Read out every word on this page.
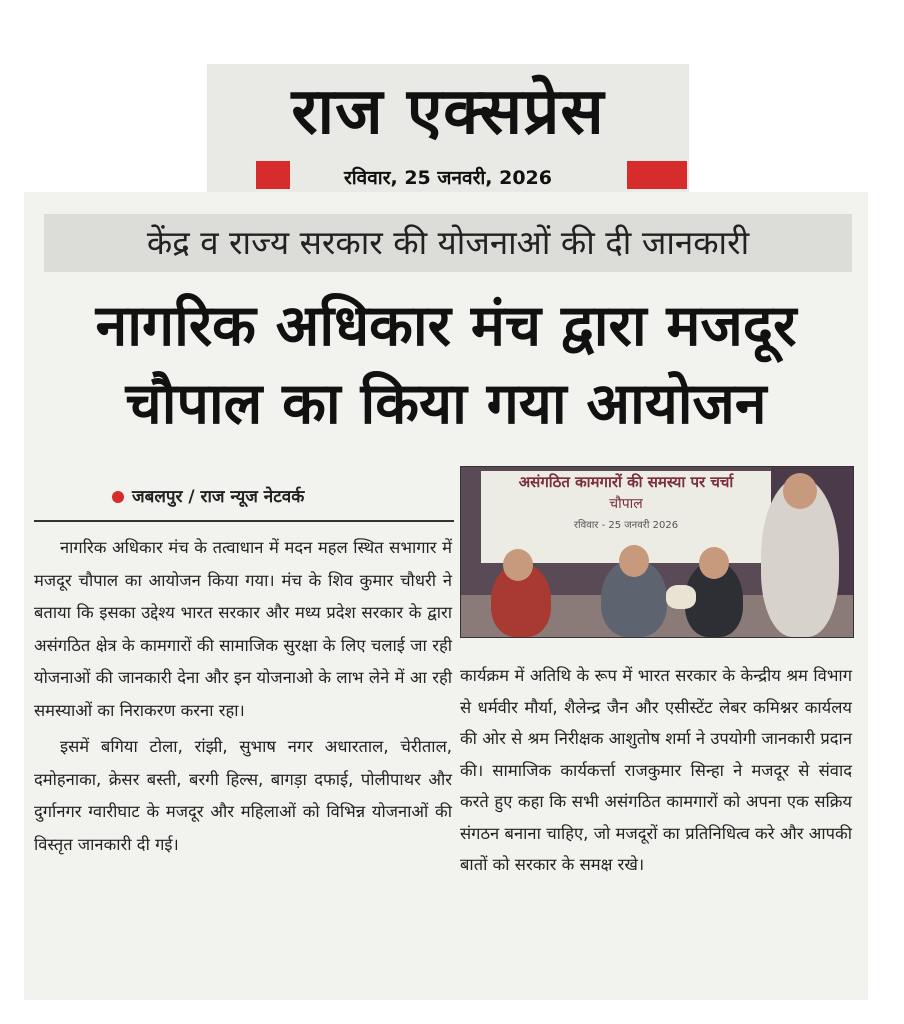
राज एक्सप्रेस
रविवार, 25 जनवरी, 2026
केंद्र व राज्य सरकार की योजनाओं की दी जानकारी
नागरिक अधिकार मंच द्वारा मजदूर
चौपाल का किया गया आयोजन
जबलपुर / राज न्यूज नेटवर्क

नागरिक अधिकार मंच के तत्वाधान में मदन महल स्थित सभागार में मजदूर चौपाल का आयोजन किया गया। मंच के शिव कुमार चौधरी ने बताया कि इसका उद्देश्य भारत सरकार और मध्य प्रदेश सरकार के द्वारा असंगठित क्षेत्र के कामगारों की सामाजिक सुरक्षा के लिए चलाई जा रही योजनाओं की जानकारी देना और इन योजनाओ के लाभ लेने में आ रही समस्याओं का निराकरण करना रहा।

इसमें बगिया टोला, रांझी, सुभाष नगर अधारताल, चेरीताल, दमोहनाका, क्रेसर बस्ती, बरगी हिल्स, बागड़ा दफाई, पोलीपाथर और दुर्गानगर ग्वारीघाट के मजदूर और महिलाओं को विभिन्न योजनाओं की विस्तृत जानकारी दी गई।

असंगठित कामगारों की समस्या पर चर्चा
चौपाल
रविवार - 25 जनवरी 2026

कार्यक्रम में अतिथि के रूप में भारत सरकार के केन्द्रीय श्रम विभाग से धर्मवीर मौर्या, शैलेन्द्र जैन और एसीस्टेंट लेबर कमिश्नर कार्यलय की ओर से श्रम निरीक्षक आशुतोष शर्मा ने उपयोगी जानकारी प्रदान की। सामाजिक कार्यकर्त्ता राजकुमार सिन्हा ने मजदूर से संवाद करते हुए कहा कि सभी असंगठित कामगारों को अपना एक सक्रिय संगठन बनाना चाहिए, जो मजदूरों का प्रतिनिधित्व करे और आपकी बातों को सरकार के समक्ष रखे।
